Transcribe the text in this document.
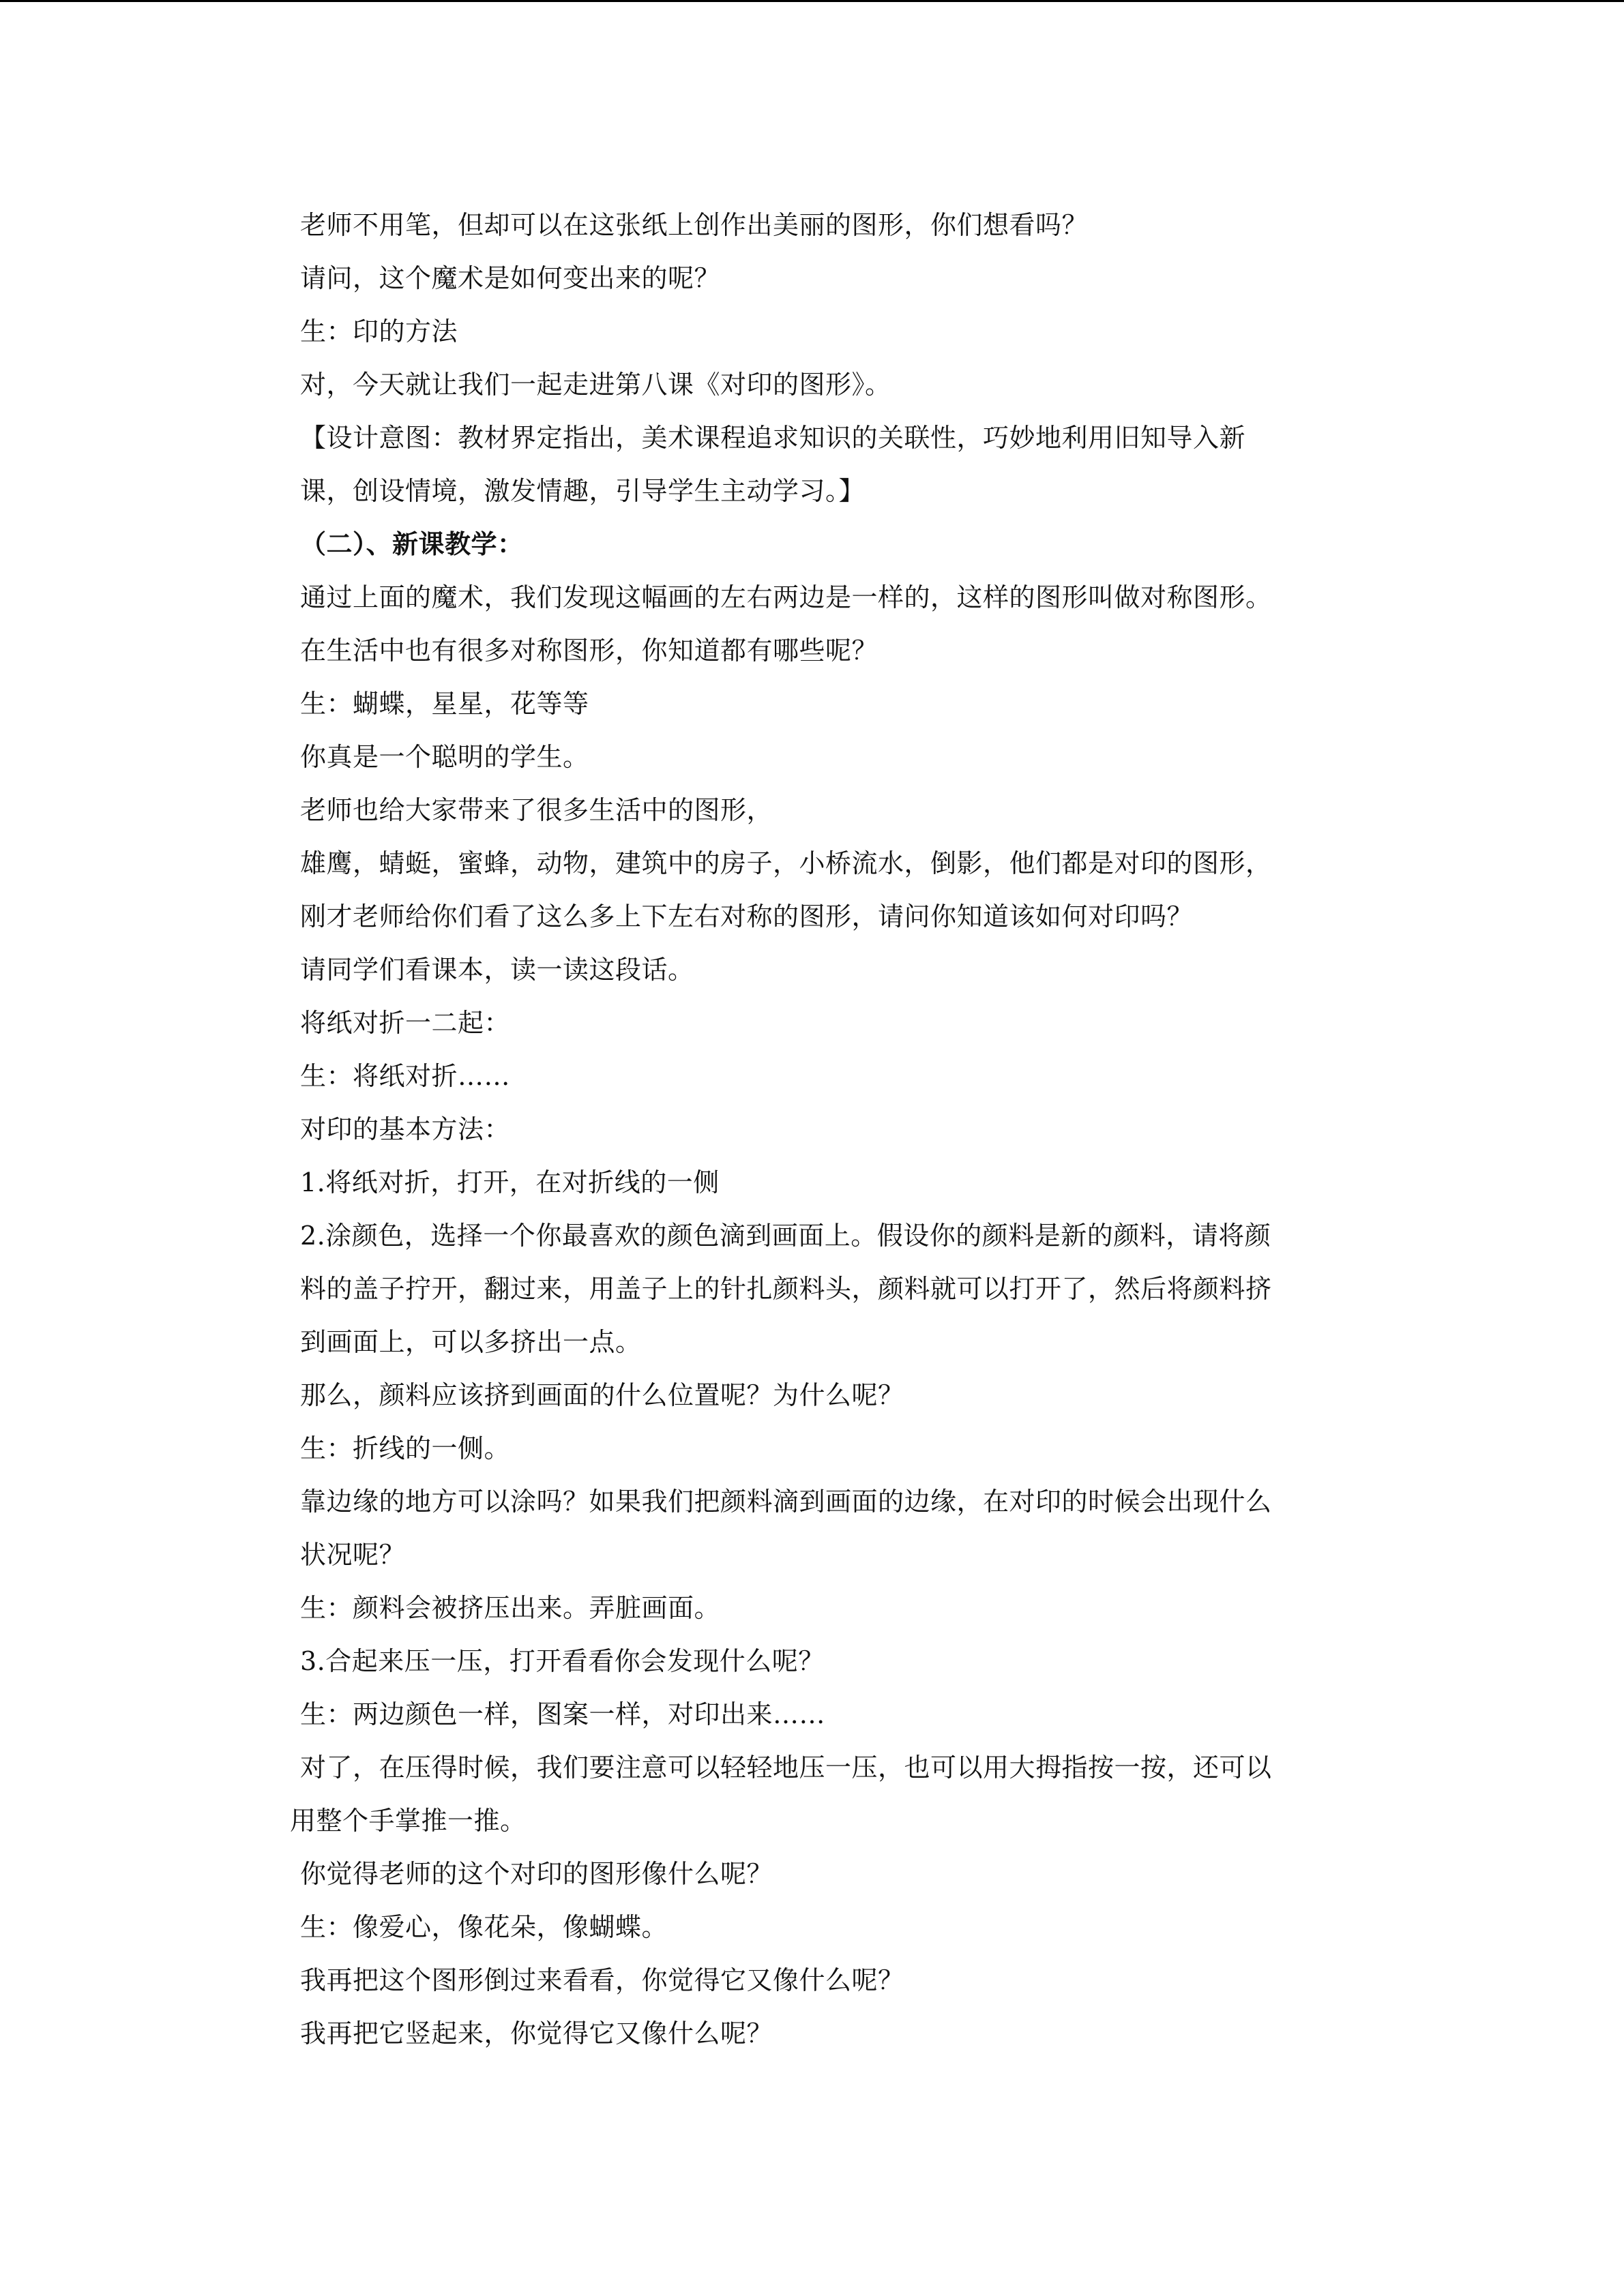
老师不用笔，但却可以在这张纸上创作出美丽的图形，你们想看吗？
请问，这个魔术是如何变出来的呢？
生：印的方法
对，今天就让我们一起走进第八课《对印的图形》。
【设计意图：教材界定指出，美术课程追求知识的关联性，巧妙地利用旧知导入新
课，创设情境，激发情趣，引导学生主动学习。】
（二）、新课教学：
通过上面的魔术，我们发现这幅画的左右两边是一样的，这样的图形叫做对称图形。
在生活中也有很多对称图形，你知道都有哪些呢？
生：蝴蝶，星星，花等等
你真是一个聪明的学生。
老师也给大家带来了很多生活中的图形，
雄鹰，蜻蜓，蜜蜂，动物，建筑中的房子，小桥流水，倒影，他们都是对印的图形，
刚才老师给你们看了这么多上下左右对称的图形，请问你知道该如何对印吗？
请同学们看课本，读一读这段话。
将纸对折一二起：
生：将纸对折……
对印的基本方法：
1.将纸对折，打开，在对折线的一侧
2.涂颜色，选择一个你最喜欢的颜色滴到画面上。假设你的颜料是新的颜料，请将颜
料的盖子拧开，翻过来，用盖子上的针扎颜料头，颜料就可以打开了，然后将颜料挤
到画面上，可以多挤出一点。
那么，颜料应该挤到画面的什么位置呢？为什么呢？
生：折线的一侧。
靠边缘的地方可以涂吗？如果我们把颜料滴到画面的边缘，在对印的时候会出现什么
状况呢？
生：颜料会被挤压出来。弄脏画面。
3.合起来压一压，打开看看你会发现什么呢？
生：两边颜色一样，图案一样，对印出来……
对了，在压得时候，我们要注意可以轻轻地压一压，也可以用大拇指按一按，还可以
用整个手掌推一推。
你觉得老师的这个对印的图形像什么呢？
生：像爱心，像花朵，像蝴蝶。
我再把这个图形倒过来看看，你觉得它又像什么呢？
我再把它竖起来，你觉得它又像什么呢？
